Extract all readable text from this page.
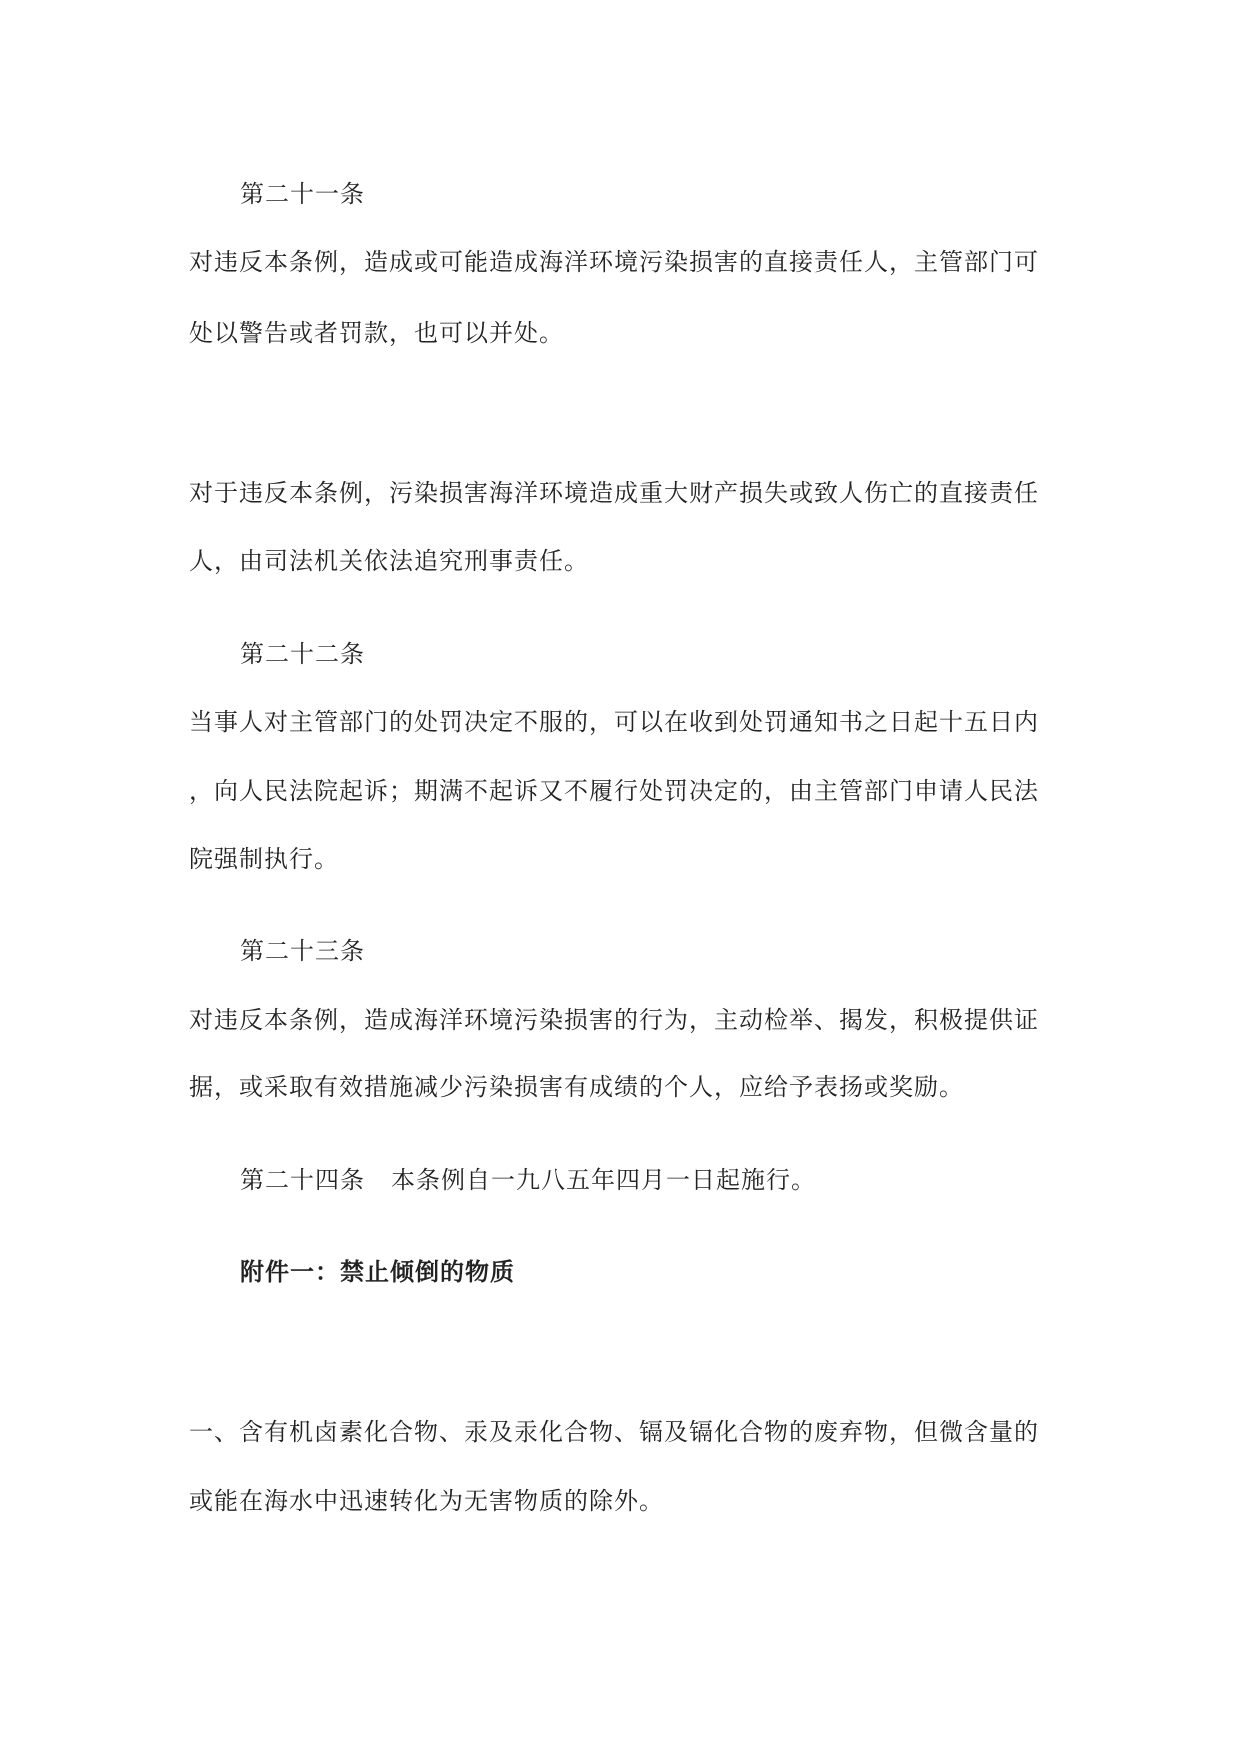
第二十一条
对违反本条例，造成或可能造成海洋环境污染损害的直接责任人，主管部门可
处以警告或者罚款，也可以并处。
对于违反本条例，污染损害海洋环境造成重大财产损失或致人伤亡的直接责任
人，由司法机关依法追究刑事责任。
第二十二条
当事人对主管部门的处罚决定不服的，可以在收到处罚通知书之日起十五日内
，向人民法院起诉；期满不起诉又不履行处罚决定的，由主管部门申请人民法
院强制执行。
第二十三条
对违反本条例，造成海洋环境污染损害的行为，主动检举、揭发，积极提供证
据，或采取有效措施减少污染损害有成绩的个人，应给予表扬或奖励。
第二十四条 本条例自一九八五年四月一日起施行。
附件一：禁止倾倒的物质
一、含有机卤素化合物、汞及汞化合物、镉及镉化合物的废弃物，但微含量的
或能在海水中迅速转化为无害物质的除外。
